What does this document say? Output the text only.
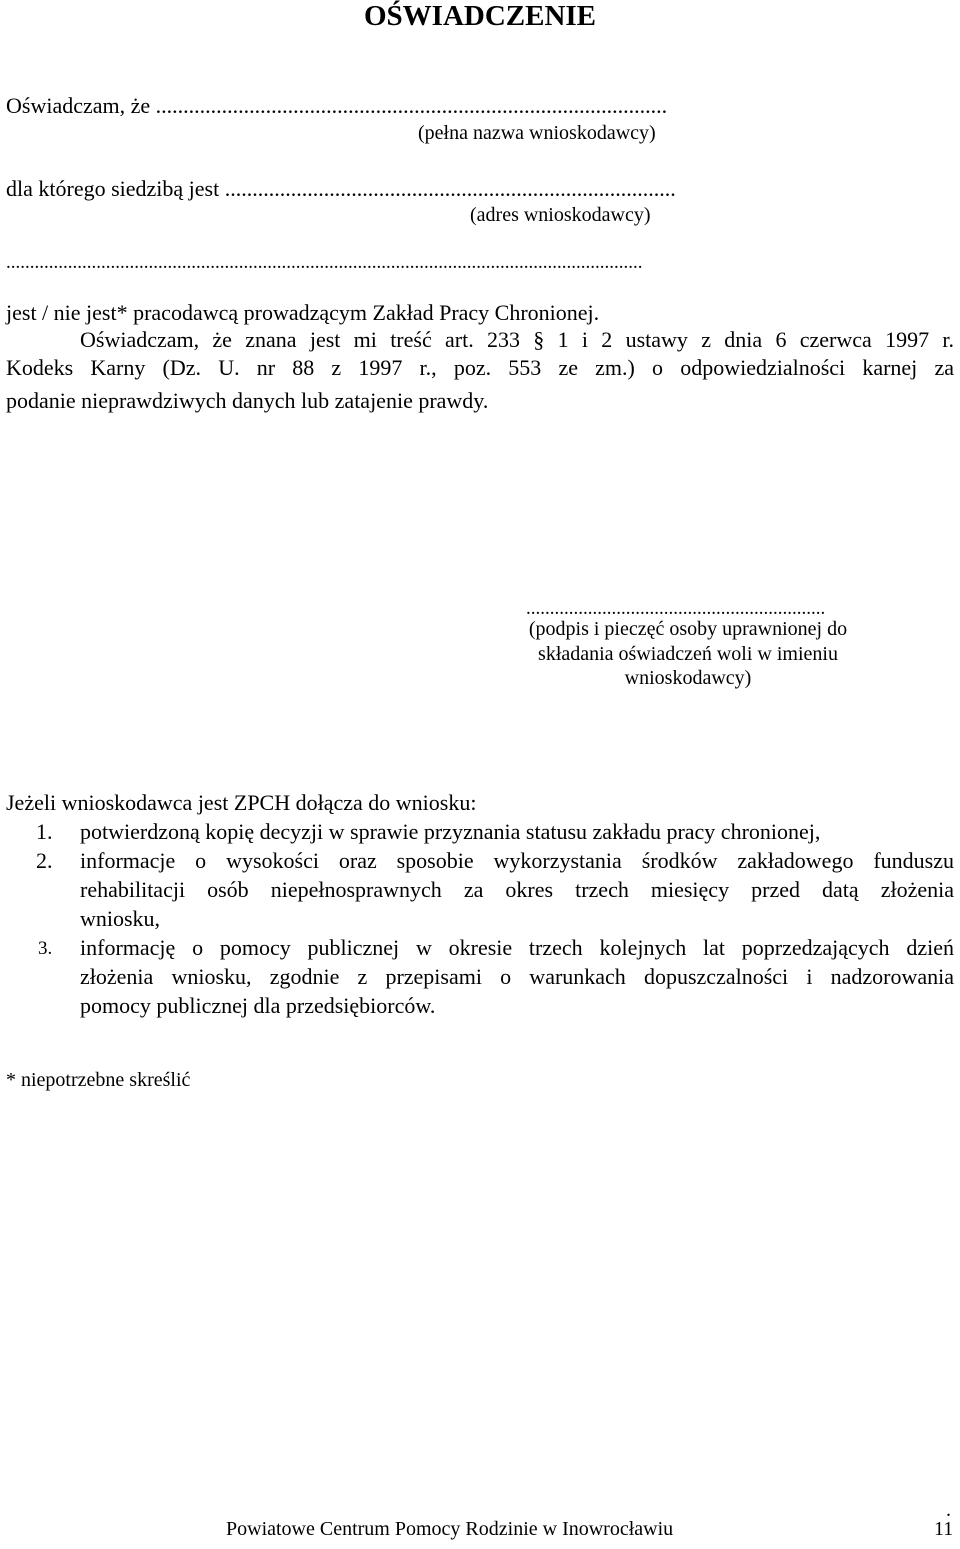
OŚWIADCZENIE
Oświadczam, że .............................................................................................
(pełna nazwa wnioskodawcy)
dla którego siedzibą jest ..................................................................................
(adres wnioskodawcy)
......................................................................................................................................
jest / nie jest* pracodawcą prowadzącym Zakład Pracy Chronionej.
Oświadczam, że znana jest mi treść art. 233 § 1 i 2 ustawy z dnia 6 czerwca 1997 r.
Kodeks Karny (Dz. U. nr 88 z 1997 r., poz. 553 ze zm.) o odpowiedzialności karnej za
podanie nieprawdziwych danych lub zatajenie prawdy.
...............................................................
(podpis i pieczęć osoby uprawnionej do
składania oświadczeń woli w imieniu
wnioskodawcy)
Jeżeli wnioskodawca jest ZPCH dołącza do wniosku:
1. potwierdzoną kopię decyzji w sprawie przyznania statusu zakładu pracy chronionej,
2. informacje o wysokości oraz sposobie wykorzystania środków zakładowego funduszu
rehabilitacji osób niepełnosprawnych za okres trzech miesięcy przed datą złożenia
wniosku,
3. informację o pomocy publicznej w okresie trzech kolejnych lat poprzedzających dzień
złożenia wniosku, zgodnie z przepisami o warunkach dopuszczalności i nadzorowania
pomocy publicznej dla przedsiębiorców.
* niepotrzebne skreślić
.
Powiatowe Centrum Pomocy Rodzinie w Inowrocławiu	11
